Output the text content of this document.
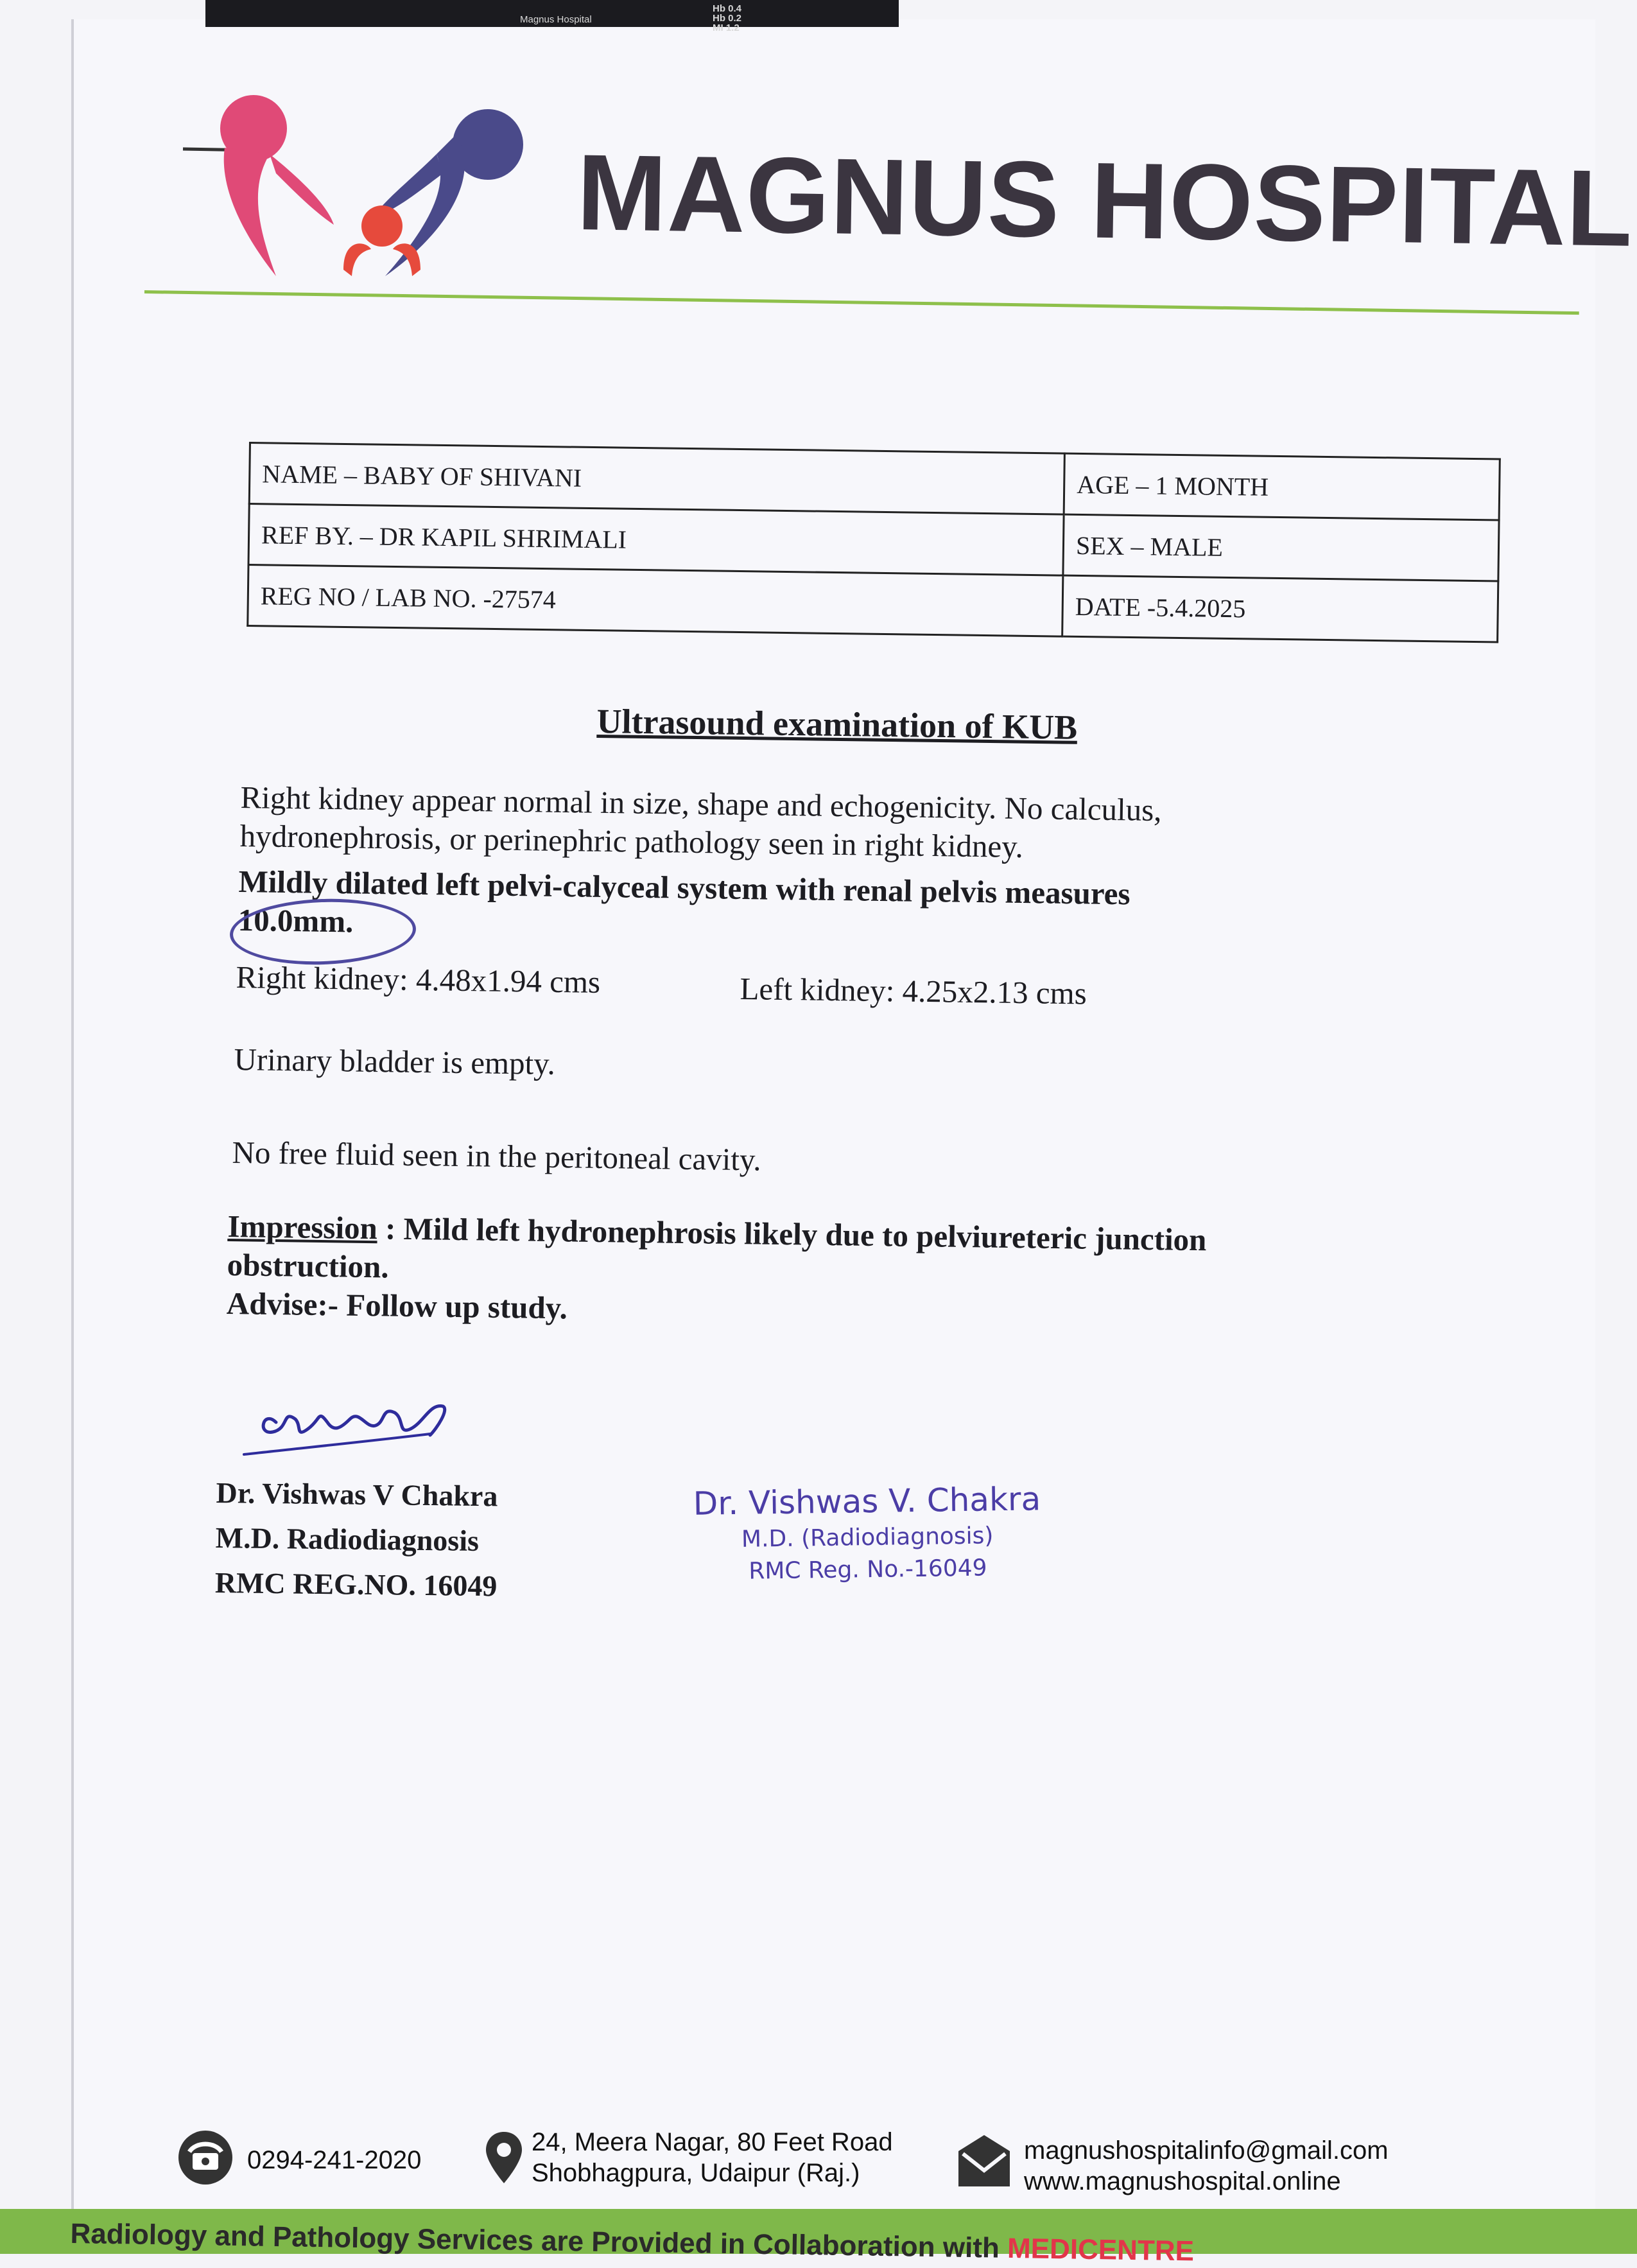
Magnus Hospital
Hb 0.4
Hb 0.2
MI 1.2
MAGNUS HOSPITAL
NAME – BABY OF SHIVANI	AGE – 1 MONTH
REF BY. – DR KAPIL SHRIMALI	SEX – MALE
REG NO / LAB NO. -27574	DATE -5.4.2025
Ultrasound examination of KUB
Right kidney appear normal in size, shape and echogenicity. No calculus,
hydronephrosis, or perinephric pathology seen in right kidney.
Mildly dilated left pelvi-calyceal system with renal pelvis measures
10.0mm.
Right kidney: 4.48x1.94 cms	Left kidney: 4.25x2.13 cms
Urinary bladder is empty.
No free fluid seen in the peritoneal cavity.
Impression : Mild left hydronephrosis likely due to pelviureteric junction
obstruction.
Advise:- Follow up study.
Dr. Vishwas V Chakra
M.D. Radiodiagnosis
RMC REG.NO. 16049
Dr. Vishwas V. Chakra
M.D. (Radiodiagnosis)
RMC Reg. No.-16049
0294-241-2020
24, Meera Nagar, 80 Feet Road
Shobhagpura, Udaipur (Raj.)
magnushospitalinfo@gmail.com
www.magnushospital.online
Radiology and Pathology Services are Provided in Collaboration with MEDICENTRE
